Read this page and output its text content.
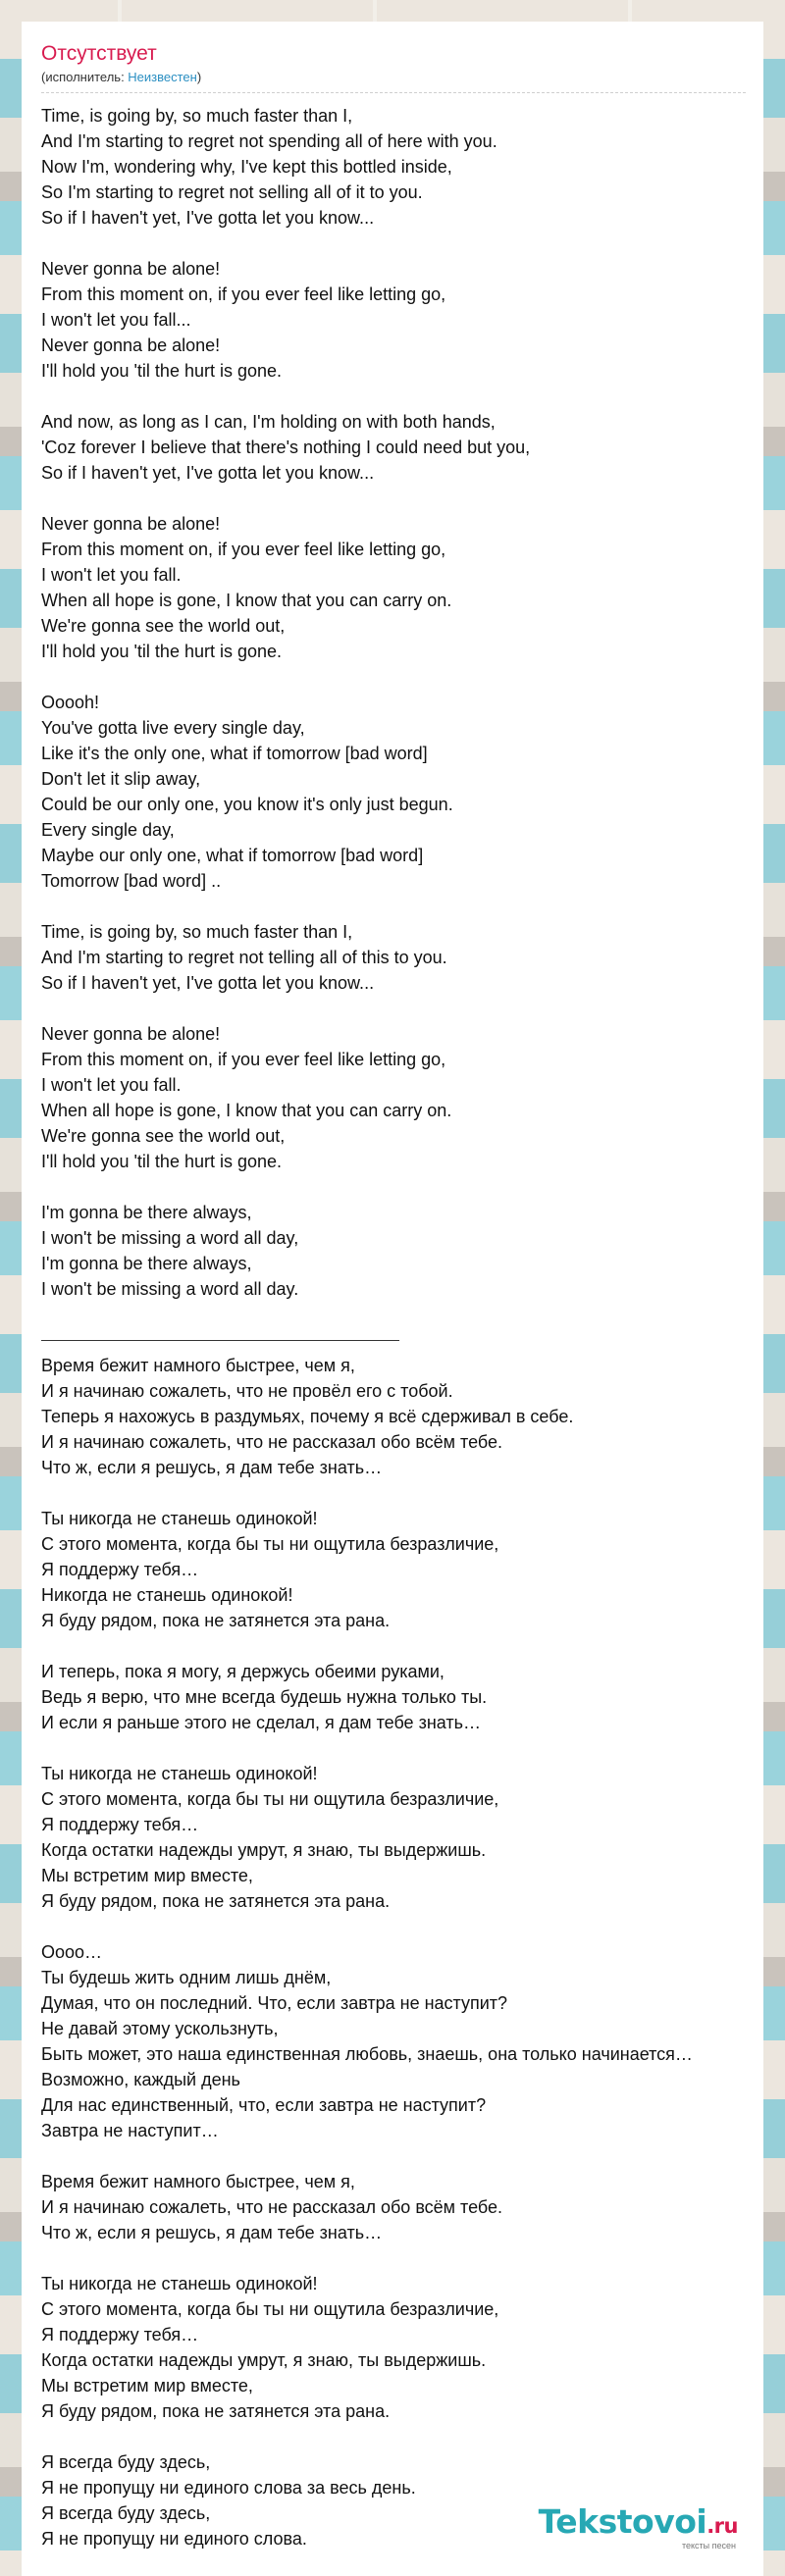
Отсутствует
(исполнитель: Неизвестен)
Time, is going by, so much faster than I,
And I'm starting to regret not spending all of here with you.
Now I'm, wondering why, I've kept this bottled inside,
So I'm starting to regret not selling all of it to you.
So if I haven't yet, I've gotta let you know...
Never gonna be alone!
From this moment on, if you ever feel like letting go,
I won't let you fall...
Never gonna be alone!
I'll hold you 'til the hurt is gone.
And now, as long as I can, I'm holding on with both hands,
'Coz forever I believe that there's nothing I could need but you,
So if I haven't yet, I've gotta let you know...
Never gonna be alone!
From this moment on, if you ever feel like letting go,
I won't let you fall.
When all hope is gone, I know that you can carry on.
We're gonna see the world out,
I'll hold you 'til the hurt is gone.
Ooooh!
You've gotta live every single day,
Like it's the only one, what if tomorrow [bad word]
Don't let it slip away,
Could be our only one, you know it's only just begun.
Every single day,
Maybe our only one, what if tomorrow [bad word]
Tomorrow [bad word] ..
Time, is going by, so much faster than I,
And I'm starting to regret not telling all of this to you.
So if I haven't yet, I've gotta let you know...
Never gonna be alone!
From this moment on, if you ever feel like letting go,
I won't let you fall.
When all hope is gone, I know that you can carry on.
We're gonna see the world out,
I'll hold you 'til the hurt is gone.
I'm gonna be there always,
I won't be missing a word all day,
I'm gonna be there always,
I won't be missing a word all day.
Время бежит намного быстрее, чем я,
И я начинаю сожалеть, что не провёл его с тобой.
Теперь я нахожусь в раздумьях, почему я всё сдерживал в себе.
И я начинаю сожалеть, что не рассказал обо всём тебе.
Что ж, если я решусь, я дам тебе знать…
Ты никогда не станешь одинокой!
С этого момента, когда бы ты ни ощутила безразличие,
Я поддержу тебя…
Никогда не станешь одинокой!
Я буду рядом, пока не затянется эта рана.
И теперь, пока я могу, я держусь обеими руками,
Ведь я верю, что мне всегда будешь нужна только ты.
И если я раньше этого не сделал, я дам тебе знать…
Ты никогда не станешь одинокой!
С этого момента, когда бы ты ни ощутила безразличие,
Я поддержу тебя…
Когда остатки надежды умрут, я знаю, ты выдержишь.
Мы встретим мир вместе,
Я буду рядом, пока не затянется эта рана.
Оооо…
Ты будешь жить одним лишь днём,
Думая, что он последний. Что, если завтра не наступит?
Не давай этому ускользнуть,
Быть может, это наша единственная любовь, знаешь, она только начинается…
Возможно, каждый день
Для нас единственный, что, если завтра не наступит?
Завтра не наступит…
Время бежит намного быстрее, чем я,
И я начинаю сожалеть, что не рассказал обо всём тебе.
Что ж, если я решусь, я дам тебе знать…
Ты никогда не станешь одинокой!
С этого момента, когда бы ты ни ощутила безразличие,
Я поддержу тебя…
Когда остатки надежды умрут, я знаю, ты выдержишь.
Мы встретим мир вместе,
Я буду рядом, пока не затянется эта рана.
Я всегда буду здесь,
Я не пропущу ни единого слова за весь день.
Я всегда буду здесь,
Я не пропущу ни единого слова.	Tekstovoi.ru
тексты песен
